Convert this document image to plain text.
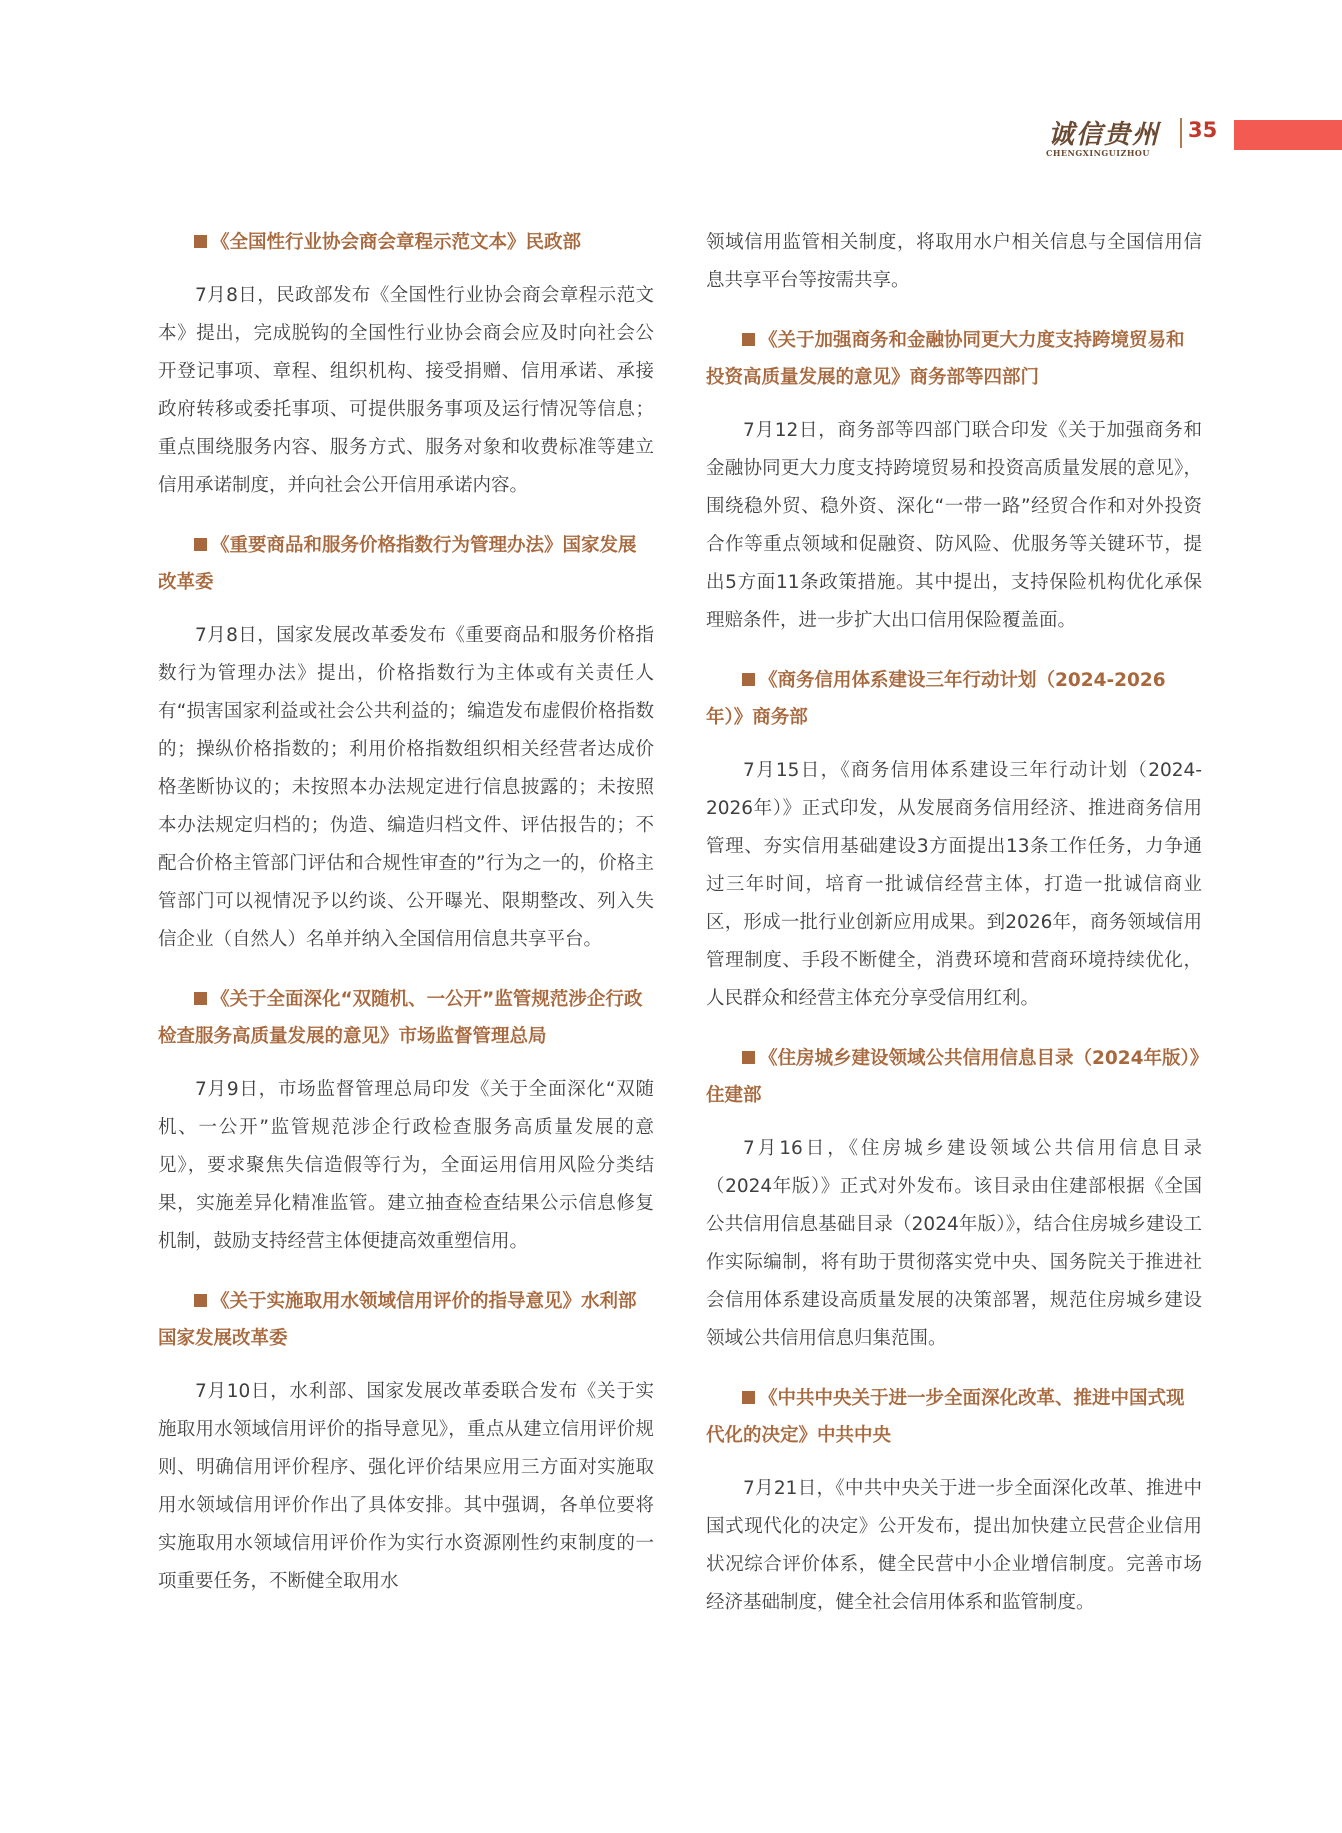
诚信贵州
CHENGXINGUIZHOU
35
《全国性行业协会商会章程示范文本》民政部
7月8日，民政部发布《全国性行业协会商会章程示范文本》提出，完成脱钩的全国性行业协会商会应及时向社会公开登记事项、章程、组织机构、接受捐赠、信用承诺、承接政府转移或委托事项、可提供服务事项及运行情况等信息；重点围绕服务内容、服务方式、服务对象和收费标准等建立信用承诺制度，并向社会公开信用承诺内容。
《重要商品和服务价格指数行为管理办法》国家发展改革委
7月8日，国家发展改革委发布《重要商品和服务价格指数行为管理办法》提出，价格指数行为主体或有关责任人有“损害国家利益或社会公共利益的；编造发布虚假价格指数的；操纵价格指数的；利用价格指数组织相关经营者达成价格垄断协议的；未按照本办法规定进行信息披露的；未按照本办法规定归档的；伪造、编造归档文件、评估报告的；不配合价格主管部门评估和合规性审查的”行为之一的，价格主管部门可以视情况予以约谈、公开曝光、限期整改、列入失信企业（自然人）名单并纳入全国信用信息共享平台。
《关于全面深化“双随机、一公开”监管规范涉企行政检查服务高质量发展的意见》市场监督管理总局
7月9日，市场监督管理总局印发《关于全面深化“双随机、一公开”监管规范涉企行政检查服务高质量发展的意见》，要求聚焦失信造假等行为，全面运用信用风险分类结果，实施差异化精准监管。建立抽查检查结果公示信息修复机制，鼓励支持经营主体便捷高效重塑信用。
《关于实施取用水领域信用评价的指导意见》水利部 国家发展改革委
7月10日，水利部、国家发展改革委联合发布《关于实施取用水领域信用评价的指导意见》，重点从建立信用评价规则、明确信用评价程序、强化评价结果应用三方面对实施取用水领域信用评价作出了具体安排。其中强调，各单位要将实施取用水领域信用评价作为实行水资源刚性约束制度的一项重要任务，不断健全取用水
领域信用监管相关制度，将取用水户相关信息与全国信用信息共享平台等按需共享。
《关于加强商务和金融协同更大力度支持跨境贸易和投资高质量发展的意见》商务部等四部门
7月12日，商务部等四部门联合印发《关于加强商务和金融协同更大力度支持跨境贸易和投资高质量发展的意见》，围绕稳外贸、稳外资、深化“一带一路”经贸合作和对外投资合作等重点领域和促融资、防风险、优服务等关键环节，提出5方面11条政策措施。其中提出，支持保险机构优化承保理赔条件，进一步扩大出口信用保险覆盖面。
《商务信用体系建设三年行动计划（2024-2026年）》商务部
7月15日，《商务信用体系建设三年行动计划（2024-2026年）》正式印发，从发展商务信用经济、推进商务信用管理、夯实信用基础建设3方面提出13条工作任务，力争通过三年时间，培育一批诚信经营主体，打造一批诚信商业区，形成一批行业创新应用成果。到2026年，商务领域信用管理制度、手段不断健全，消费环境和营商环境持续优化，人民群众和经营主体充分享受信用红利。
《住房城乡建设领域公共信用信息目录（2024年版）》住建部
7月16日，《住房城乡建设领域公共信用信息目录（2024年版）》正式对外发布。该目录由住建部根据《全国公共信用信息基础目录（2024年版）》，结合住房城乡建设工作实际编制，将有助于贯彻落实党中央、国务院关于推进社会信用体系建设高质量发展的决策部署，规范住房城乡建设领域公共信用信息归集范围。
《中共中央关于进一步全面深化改革、推进中国式现代化的决定》中共中央
7月21日，《中共中央关于进一步全面深化改革、推进中国式现代化的决定》公开发布，提出加快建立民营企业信用状况综合评价体系，健全民营中小企业增信制度。完善市场经济基础制度，健全社会信用体系和监管制度。
